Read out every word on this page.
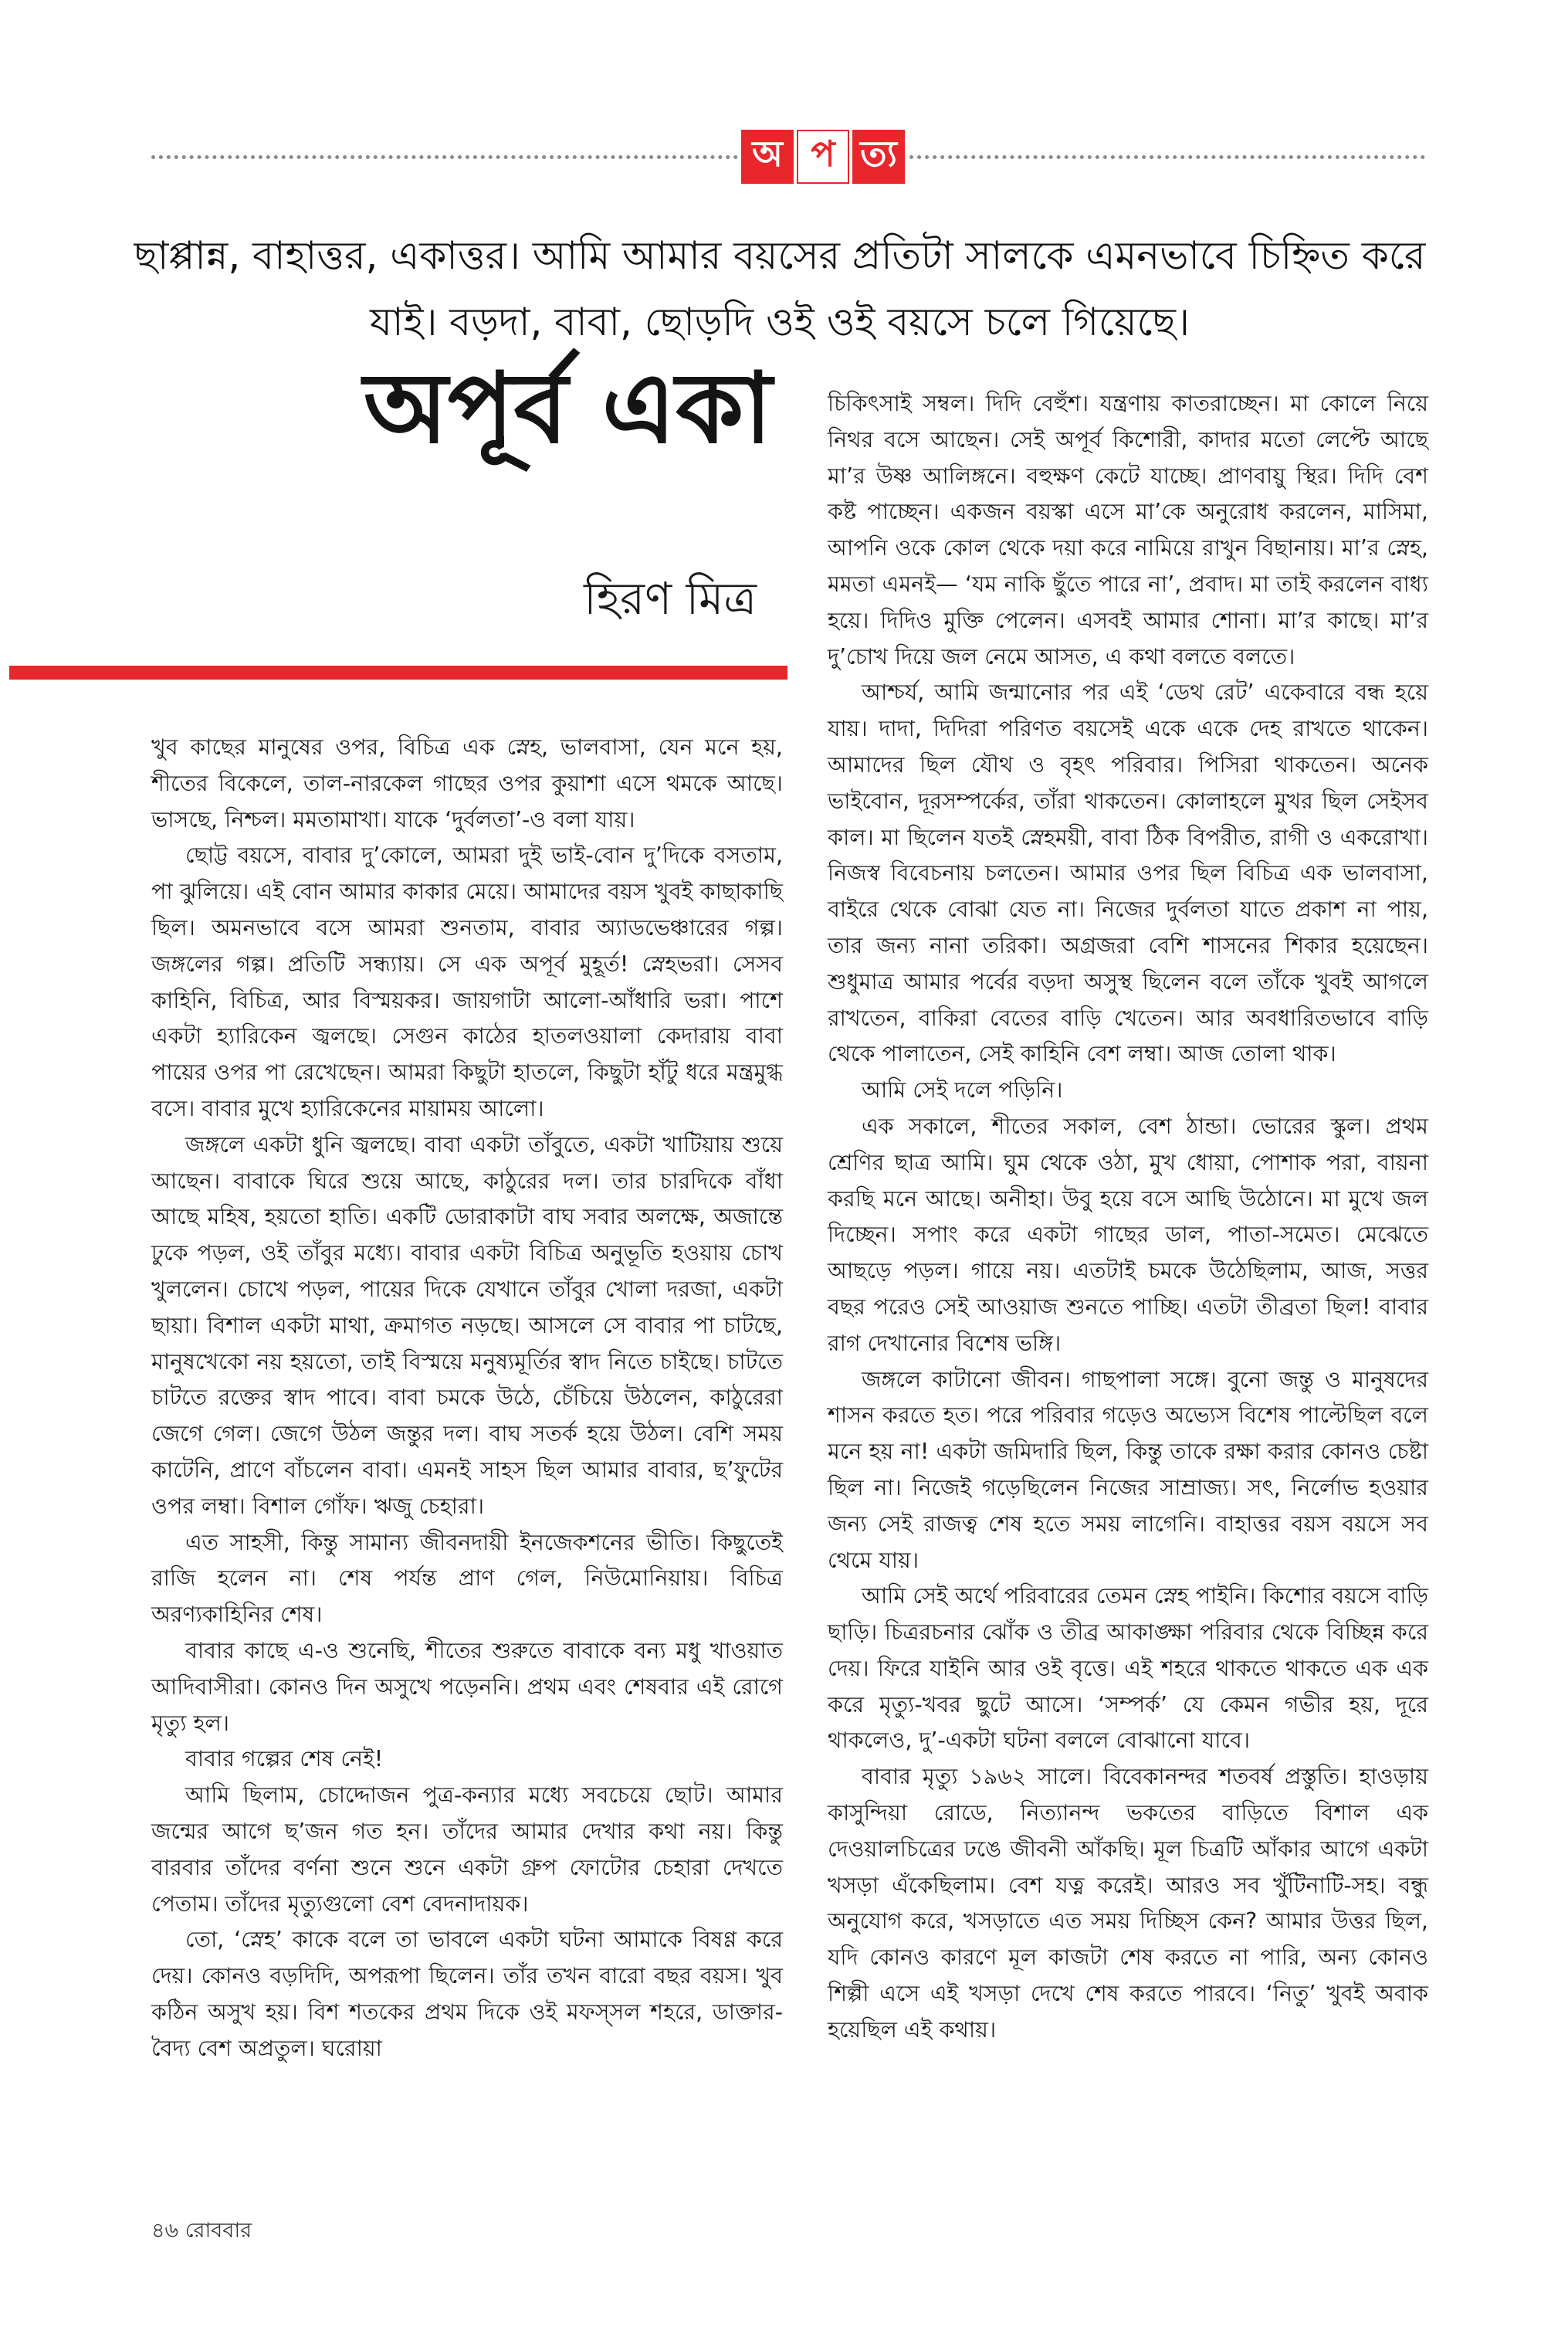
অ প ত্য

ছাপ্পান্ন, বাহাত্তর, একাত্তর। আমি আমার বয়সের প্রতিটা সালকে এমনভাবে চিহ্নিত করে যাই। বড়দা, বাবা, ছোড়দি ওই ওই বয়সে চলে গিয়েছে।

অপূর্ব একা

হিরণ মিত্র

চিকিৎসাই সম্বল। দিদি বেহুঁশ। যন্ত্রণায় কাতরাচ্ছেন। মা কোলে নিয়ে নিথর বসে আছেন। সেই অপূর্ব কিশোরী, কাদার মতো লেপ্টে আছে মা’র উষ্ণ আলিঙ্গনে। বহুক্ষণ কেটে যাচ্ছে। প্রাণবায়ু স্থির। দিদি বেশ কষ্ট পাচ্ছেন। একজন বয়স্কা এসে মা’কে অনুরোধ করলেন, মাসিমা, আপনি ওকে কোল থেকে দয়া করে নামিয়ে রাখুন বিছানায়। মা’র স্নেহ, মমতা এমনই— ‘যম নাকি ছুঁতে পারে না’, প্রবাদ। মা তাই করলেন বাধ্য হয়ে। দিদিও মুক্তি পেলেন। এসবই আমার শোনা। মা’র কাছে। মা’র দু’চোখ দিয়ে জল নেমে আসত, এ কথা বলতে বলতে।

আশ্চর্য, আমি জন্মানোর পর এই ‘ডেথ রেট’ একেবারে বন্ধ হয়ে যায়। দাদা, দিদিরা পরিণত বয়সেই একে একে দেহ রাখতে থাকেন। আমাদের ছিল যৌথ ও বৃহৎ পরিবার। পিসিরা থাকতেন। অনেক ভাইবোন, দূরসম্পর্কের, তাঁরা থাকতেন। কোলাহলে মুখর ছিল সেইসব কাল। মা ছিলেন যতই স্নেহময়ী, বাবা ঠিক বিপরীত, রাগী ও একরোখা। নিজস্ব বিবেচনায় চলতেন। আমার ওপর ছিল বিচিত্র এক ভালবাসা, বাইরে থেকে বোঝা যেত না। নিজের দুর্বলতা যাতে প্রকাশ না পায়, তার জন্য নানা তরিকা। অগ্রজরা বেশি শাসনের শিকার হয়েছেন। শুধুমাত্র আমার পর্বের বড়দা অসুস্থ ছিলেন বলে তাঁকে খুবই আগলে রাখতেন, বাকিরা বেতের বাড়ি খেতেন। আর অবধারিতভাবে বাড়ি থেকে পালাতেন, সেই কাহিনি বেশ লম্বা। আজ তোলা থাক।

আমি সেই দলে পড়িনি।

এক সকালে, শীতের সকাল, বেশ ঠান্ডা। ভোরের স্কুল। প্রথম শ্রেণির ছাত্র আমি। ঘুম থেকে ওঠা, মুখ ধোয়া, পোশাক পরা, বায়না করছি মনে আছে। অনীহা। উবু হয়ে বসে আছি উঠোনে। মা মুখে জল দিচ্ছেন। সপাং করে একটা গাছের ডাল, পাতা-সমেত। মেঝেতে আছড়ে পড়ল। গায়ে নয়। এতটাই চমকে উঠেছিলাম, আজ, সত্তর বছর পরেও সেই আওয়াজ শুনতে পাচ্ছি। এতটা তীব্রতা ছিল! বাবার রাগ দেখানোর বিশেষ ভঙ্গি।

জঙ্গলে কাটানো জীবন। গাছপালা সঙ্গে। বুনো জন্তু ও মানুষদের শাসন করতে হত। পরে পরিবার গড়েও অভ্যেস বিশেষ পাল্টেছিল বলে মনে হয় না! একটা জমিদারি ছিল, কিন্তু তাকে রক্ষা করার কোনও চেষ্টা ছিল না। নিজেই গড়েছিলেন নিজের সাম্রাজ্য। সৎ, নির্লোভ হওয়ার জন্য সেই রাজত্ব শেষ হতে সময় লাগেনি। বাহাত্তর বয়স বয়সে সব থেমে যায়।

আমি সেই অর্থে পরিবারের তেমন স্নেহ পাইনি। কিশোর বয়সে বাড়ি ছাড়ি। চিত্ররচনার ঝোঁক ও তীব্র আকাঙ্ক্ষা পরিবার থেকে বিচ্ছিন্ন করে দেয়। ফিরে যাইনি আর ওই বৃত্তে। এই শহরে থাকতে থাকতে এক এক করে মৃত্যু-খবর ছুটে আসে। ‘সম্পর্ক’ যে কেমন গভীর হয়, দূরে থাকলেও, দু’-একটা ঘটনা বললে বোঝানো যাবে।

বাবার মৃত্যু ১৯৬২ সালে। বিবেকানন্দর শতবর্ষ প্রস্তুতি। হাওড়ায় কাসুন্দিয়া রোডে, নিত্যানন্দ ভকতের বাড়িতে বিশাল এক দেওয়ালচিত্রের ঢঙে জীবনী আঁকছি। মূল চিত্রটি আঁকার আগে একটা খসড়া এঁকেছিলাম। বেশ যত্ন করেই। আরও সব খুঁটিনাটি-সহ। বন্ধু অনুযোগ করে, খসড়াতে এত সময় দিচ্ছিস কেন? আমার উত্তর ছিল, যদি কোনও কারণে মূল কাজটা শেষ করতে না পারি, অন্য কোনও শিল্পী এসে এই খসড়া দেখে শেষ করতে পারবে। ‘নিতু’ খুবই অবাক হয়েছিল এই কথায়।

খুব কাছের মানুষের ওপর, বিচিত্র এক স্নেহ, ভালবাসা, যেন মনে হয়, শীতের বিকেলে, তাল-নারকেল গাছের ওপর কুয়াশা এসে থমকে আছে। ভাসছে, নিশ্চল। মমতামাখা। যাকে ‘দুর্বলতা’-ও বলা যায়।

ছোট্ট বয়সে, বাবার দু’কোলে, আমরা দুই ভাই-বোন দু’দিকে বসতাম, পা ঝুলিয়ে। এই বোন আমার কাকার মেয়ে। আমাদের বয়স খুবই কাছাকাছি ছিল। অমনভাবে বসে আমরা শুনতাম, বাবার অ্যাডভেঞ্চারের গল্প। জঙ্গলের গল্প। প্রতিটি সন্ধ্যায়। সে এক অপূর্ব মুহূর্ত! স্নেহভরা। সেসব কাহিনি, বিচিত্র, আর বিস্ময়কর। জায়গাটা আলো-আঁধারি ভরা। পাশে একটা হ্যারিকেন জ্বলছে। সেগুন কাঠের হাতলওয়ালা কেদারায় বাবা পায়ের ওপর পা রেখেছেন। আমরা কিছুটা হাতলে, কিছুটা হাঁটু ধরে মন্ত্রমুগ্ধ বসে। বাবার মুখে হ্যারিকেনের মায়াময় আলো।

জঙ্গলে একটা ধুনি জ্বলছে। বাবা একটা তাঁবুতে, একটা খাটিয়ায় শুয়ে আছেন। বাবাকে ঘিরে শুয়ে আছে, কাঠুরের দল। তার চারদিকে বাঁধা আছে মহিষ, হয়তো হাতি। একটি ডোরাকাটা বাঘ সবার অলক্ষে, অজান্তে ঢুকে পড়ল, ওই তাঁবুর মধ্যে। বাবার একটা বিচিত্র অনুভূতি হওয়ায় চোখ খুললেন। চোখে পড়ল, পায়ের দিকে যেখানে তাঁবুর খোলা দরজা, একটা ছায়া। বিশাল একটা মাথা, ক্রমাগত নড়ছে। আসলে সে বাবার পা চাটছে, মানুষখেকো নয় হয়তো, তাই বিস্ময়ে মনুষ্যমূর্তির স্বাদ নিতে চাইছে। চাটতে চাটতে রক্তের স্বাদ পাবে। বাবা চমকে উঠে, চেঁচিয়ে উঠলেন, কাঠুরেরা জেগে গেল। জেগে উঠল জন্তুর দল। বাঘ সতর্ক হয়ে উঠল। বেশি সময় কাটেনি, প্রাণে বাঁচলেন বাবা। এমনই সাহস ছিল আমার বাবার, ছ’ফুটের ওপর লম্বা। বিশাল গোঁফ। ঋজু চেহারা।

এত সাহসী, কিন্তু সামান্য জীবনদায়ী ইনজেকশনের ভীতি। কিছুতেই রাজি হলেন না। শেষ পর্যন্ত প্রাণ গেল, নিউমোনিয়ায়। বিচিত্র অরণ্যকাহিনির শেষ।

বাবার কাছে এ-ও শুনেছি, শীতের শুরুতে বাবাকে বন্য মধু খাওয়াত আদিবাসীরা। কোনও দিন অসুখে পড়েননি। প্রথম এবং শেষবার এই রোগে মৃত্যু হল।

বাবার গল্পের শেষ নেই!

আমি ছিলাম, চোদ্দোজন পুত্র-কন্যার মধ্যে সবচেয়ে ছোট। আমার জন্মের আগে ছ’জন গত হন। তাঁদের আমার দেখার কথা নয়। কিন্তু বারবার তাঁদের বর্ণনা শুনে শুনে একটা গ্রুপ ফোটোর চেহারা দেখতে পেতাম। তাঁদের মৃত্যুগুলো বেশ বেদনাদায়ক।

তো, ‘স্নেহ’ কাকে বলে তা ভাবলে একটা ঘটনা আমাকে বিষণ্ণ করে দেয়। কোনও বড়দিদি, অপরূপা ছিলেন। তাঁর তখন বারো বছর বয়স। খুব কঠিন অসুখ হয়। বিশ শতকের প্রথম দিকে ওই মফস্সল শহরে, ডাক্তার-বৈদ্য বেশ অপ্রতুল। ঘরোয়া

৪৬ রোববার
